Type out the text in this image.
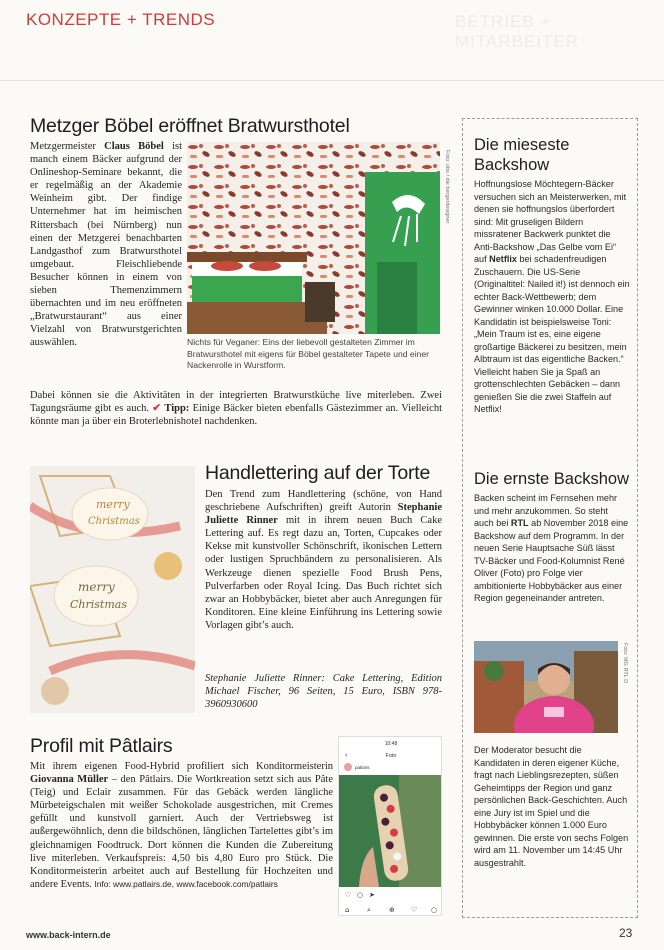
KONZEPTE + TRENDS	BETRIEB + MITARBEITER
Metzger Böbel eröffnet Bratwursthotel
Metzgermeister Claus Böbel ist manch einem Bäcker aufgrund der Onlineshop-Seminare bekannt, die er regelmäßig an der Akademie Weinheim gibt. Der findige Unternehmer hat im heimischen Rittersbach (bei Nürnberg) nun einen der Metzgerei benachbarten Landgasthof zum Bratwursthotel umgebaut. Fleischliebende Besucher können in einem von sieben Themenzimmern übernachten und im neu eröffneten „Bratwurstaurant“ aus einer Vielzahl von Bratwurstgerichten auswählen.
Foto: obs / die bergerdesigner
Nichts für Veganer: Eins der liebevoll gestalteten Zimmer im Bratwursthotel mit eigens für Böbel gestalteter Tapete und einer Nackenrolle in Wurstform.
Dabei können sie die Aktivitäten in der integrierten Bratwurstküche live miterleben. Zwei Tagungsräume gibt es auch. ✔ Tipp: Einige Bäcker bieten ebenfalls Gästezimmer an. Vielleicht könnte man ja über ein Broterlebnishotel nachdenken.
merry
Christmas
merry
Christmas
Handlettering auf der Torte
Den Trend zum Handlettering (schöne, von Hand geschriebene Aufschriften) greift Autorin Stephanie Juliette Rinner mit in ihrem neuen Buch Cake Lettering auf. Es regt dazu an, Torten, Cupcakes oder Kekse mit kunstvoller Schönschrift, ikonischen Lettern oder lustigen Spruchbändern zu personalisieren. Als Werkzeuge dienen spezielle Food Brush Pens, Pulverfarben oder Royal Icing. Das Buch richtet sich zwar an Hobbybäcker, bietet aber auch Anregungen für Konditoren. Eine kleine Einführung ins Lettering sowie Vorlagen gibt’s auch.
Stephanie Juliette Rinner: Cake Lettering, Edition Michael Fischer, 96 Seiten, 15 Euro, ISBN 978-3960930600
Profil mit Pâtlairs
Mit ihrem eigenen Food-Hybrid profiliert sich Konditormeisterin Giovanna Müller – den Pâtlairs. Die Wortkreation setzt sich aus Pâte (Teig) und Eclair zusammen. Für das Gebäck werden längliche Mürbeteigschalen mit weißer Schokolade ausgestrichen, mit Cremes gefüllt und kunstvoll garniert. Auch der Vertriebsweg ist außergewöhnlich, denn die bildschönen, länglichen Tartelettes gibt’s im gleichnamigen Foodtruck. Dort können die Kunden die Zubereitung live miterleben. Verkaufspreis: 4,50 bis 4,80 Euro pro Stück. Die Konditormeisterin arbeitet auch auf Bestellung für Hochzeiten und andere Events. Info: www.patlairs.de, www.facebook.com/patlairs
10:48
‹	Foto
patlairs
♡ ○ ➤
⌂	⌕	⊕ ♡ ○
Die mieseste
Backshow
Hoffnungslose Möchtegern-Bäcker versuchen sich an Meisterwerken, mit denen sie hoffnungslos überfordert sind: Mit gruseligen Bildern missratener Backwerk punktet die Anti-Backshow „Das Gelbe vom Ei“ auf Netflix bei schadenfreudigen Zuschauern. Die US-Serie (Originaltitel: Nailed it!) ist dennoch ein echter Back-Wettbewerb; dem Gewinner winken 10.000 Dollar. Eine Kandidatin ist beispielsweise Toni: „Mein Traum ist es, eine eigene großartige Bäckerei zu besitzen, mein Albtraum ist das eigentliche Backen.“ Vielleicht haben Sie ja Spaß an grottenschlechten Gebäcken – dann genießen Sie die zwei Staffeln auf Netflix!
Die ernste Backshow
Backen scheint im Fernsehen mehr und mehr anzukommen. So steht auch bei RTL ab November 2018 eine Backshow auf dem Programm. In der neuen Serie Hauptsache Süß lässt TV-Bäcker und Food-Kolumnist René Oliver (Foto) pro Folge vier ambitionierte Hobbybäcker aus einer Region gegeneinander antreten.
Foto: MG RTL D
Der Moderator besucht die Kandidaten in deren eigener Küche, fragt nach Lieblingsrezepten, süßen Geheimtipps der Region und ganz persönlichen Back-Geschichten. Auch eine Jury ist im Spiel und die Hobbybäcker können 1.000 Euro gewinnen. Die erste von sechs Folgen wird am 11. November um 14:45 Uhr ausgestrahlt.
www.back-intern.de	23
